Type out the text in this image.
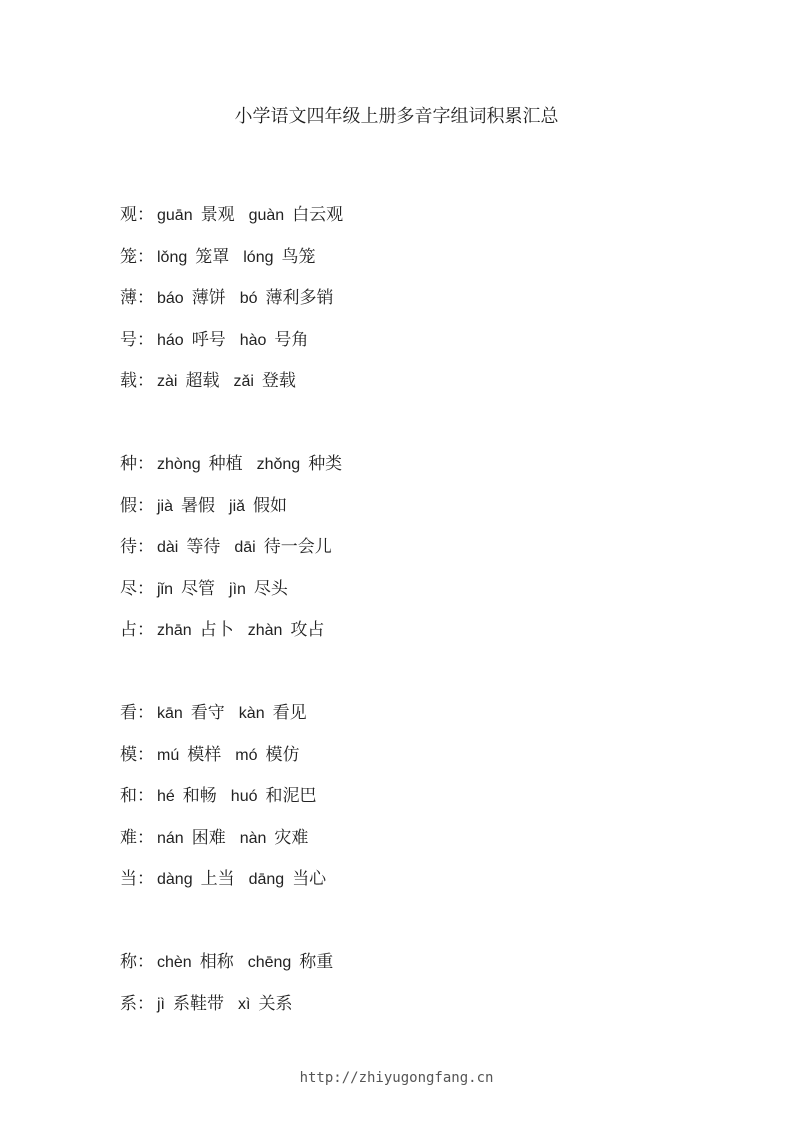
小学语文四年级上册多音字组词积累汇总
观： guān 景观 guàn 白云观
笼： lǒng 笼罩 lóng 鸟笼
薄： báo 薄饼 bó 薄利多销
号： háo 呼号 hào 号角
载： zài 超载 zǎi 登载
种： zhòng 种植 zhǒng 种类
假： jià 暑假 jiǎ 假如
待： dài 等待 dāi 待一会儿
尽： jǐn 尽管 jìn 尽头
占： zhān 占卜 zhàn 攻占
看： kān 看守 kàn 看见
模： mú 模样 mó 模仿
和： hé 和畅 huó 和泥巴
难： nán 困难 nàn 灾难
当： dàng 上当 dāng 当心
称： chèn 相称 chēng 称重
系： jì 系鞋带 xì 关系
http://zhiyugongfang.cn
